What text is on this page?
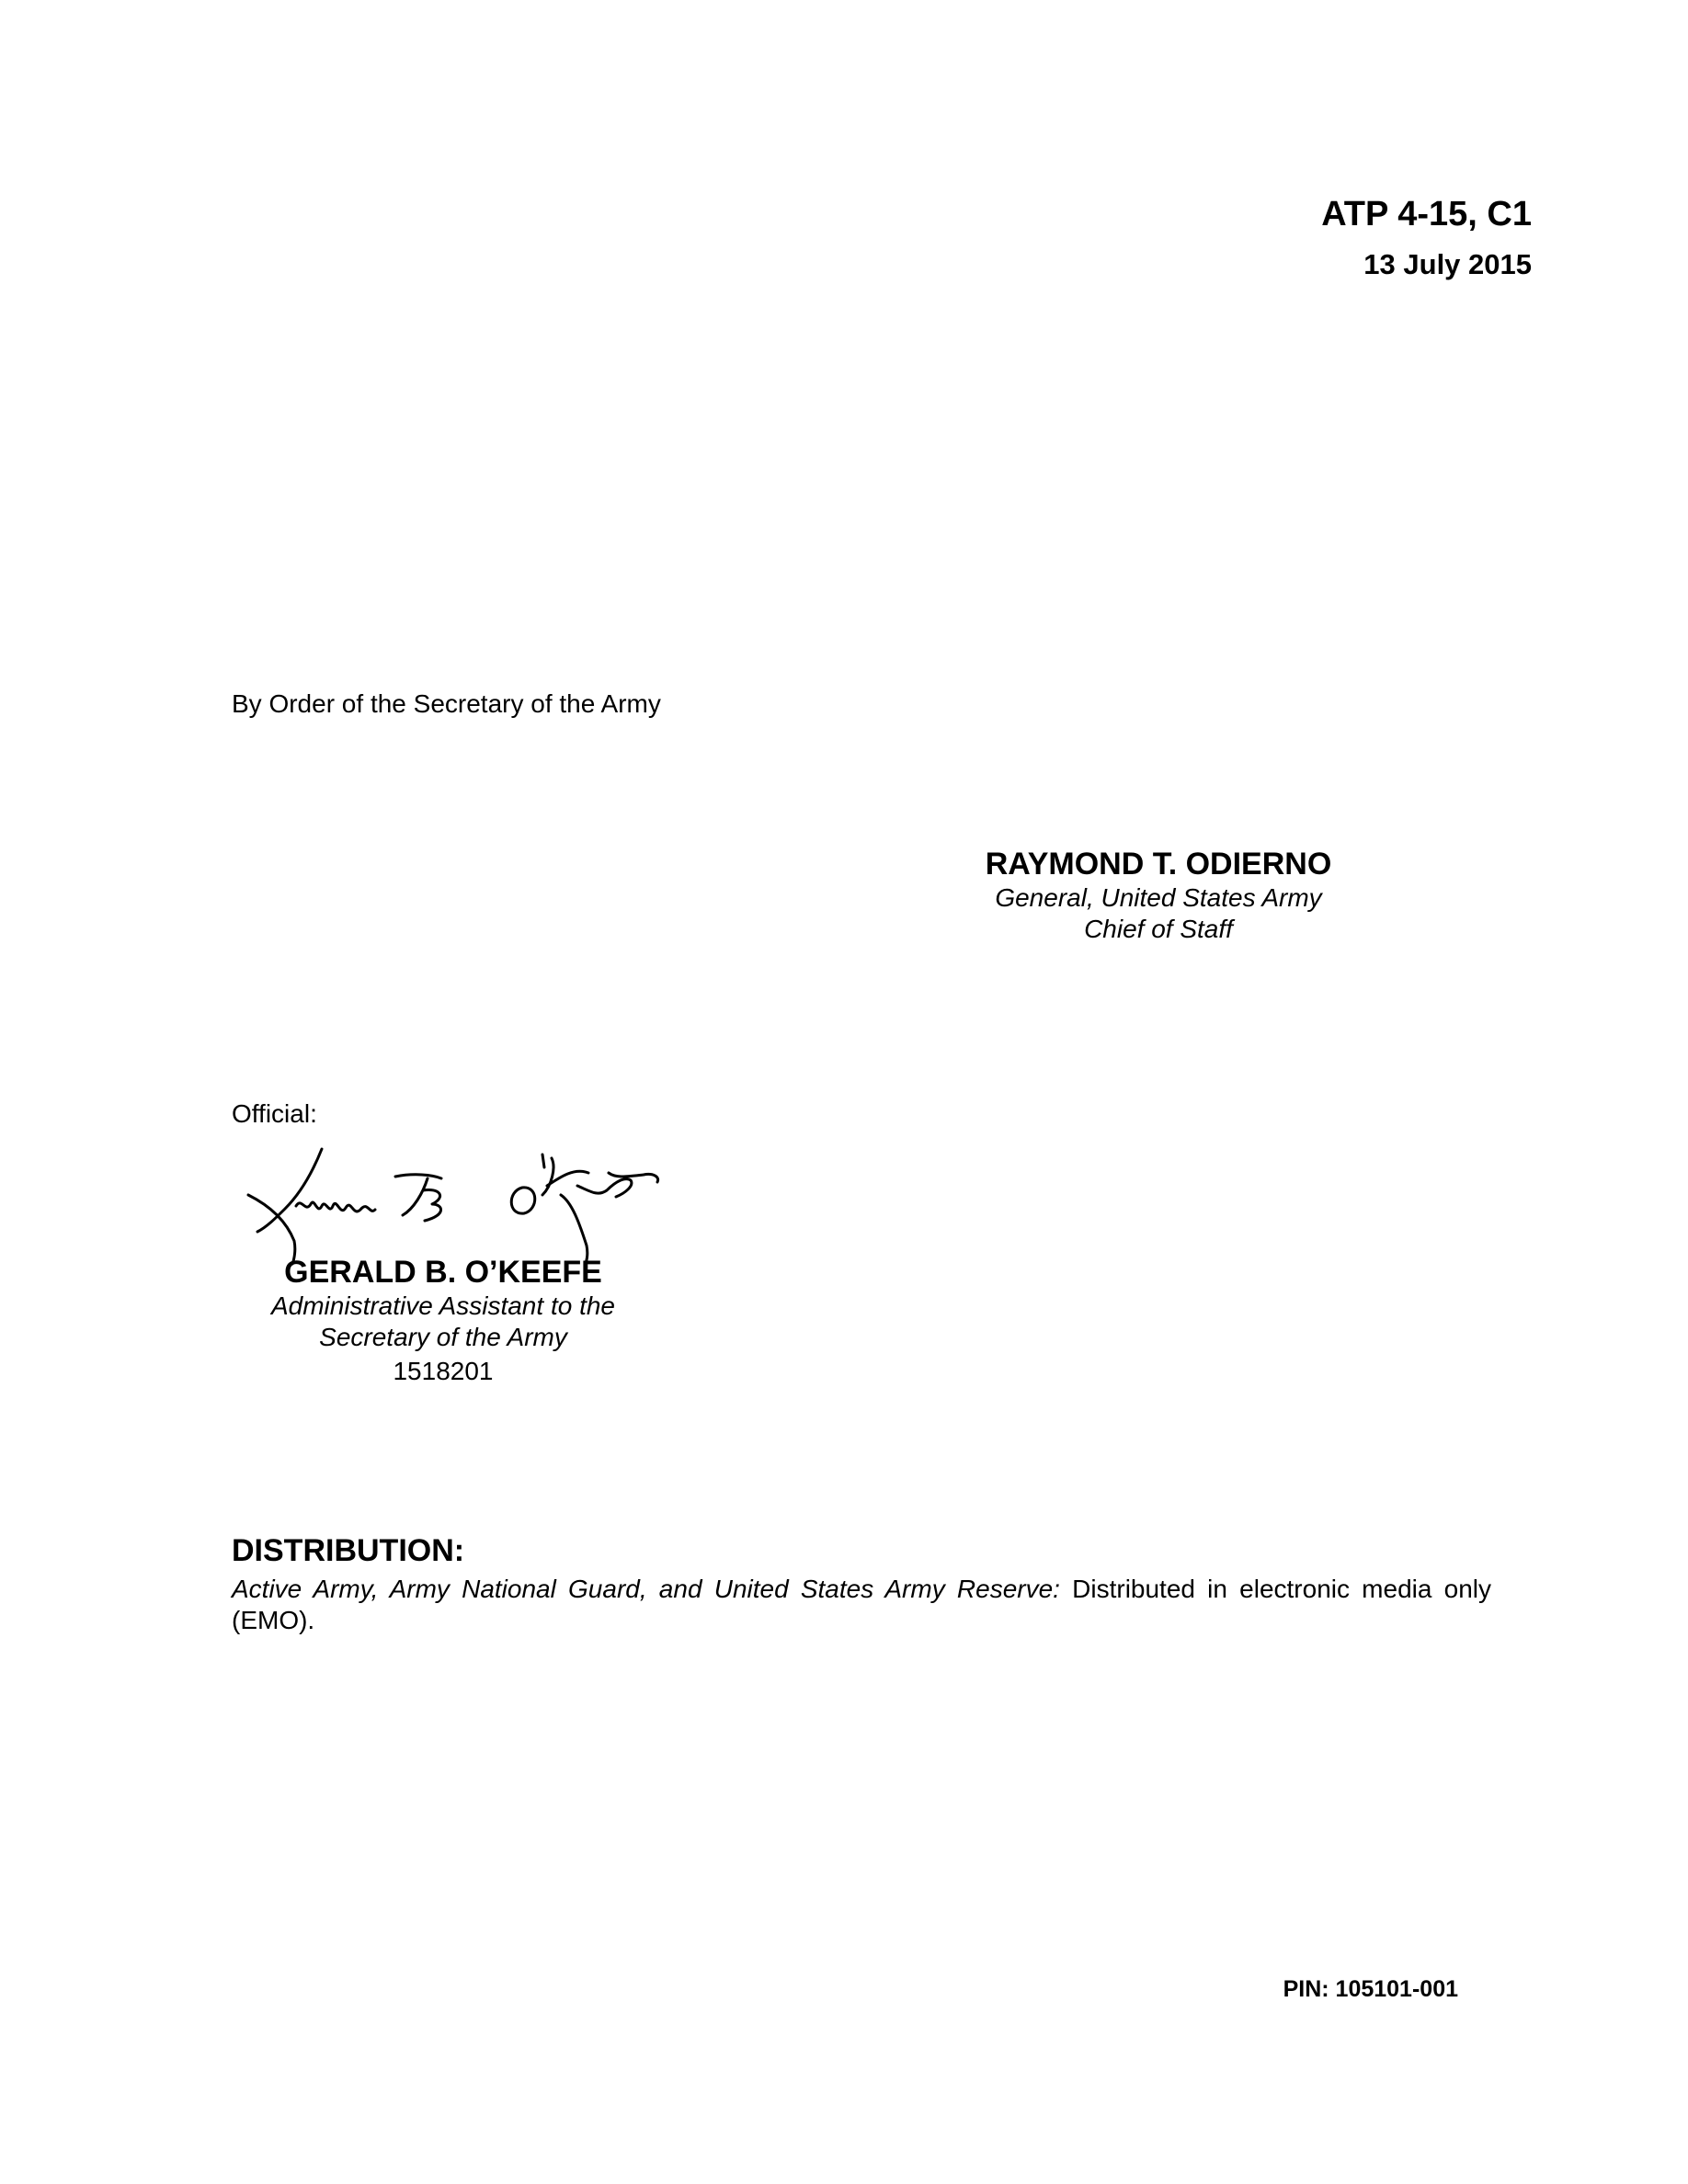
ATP 4-15, C1
13 July 2015
By Order of the Secretary of the Army
RAYMOND T. ODIERNO
General, United States Army
Chief of Staff
Official:
GERALD B. O’KEEFE
Administrative Assistant to the
Secretary of the Army
1518201
DISTRIBUTION:
Active Army, Army National Guard, and United States Army Reserve: Distributed in electronic media only (EMO).
PIN: 105101-001
